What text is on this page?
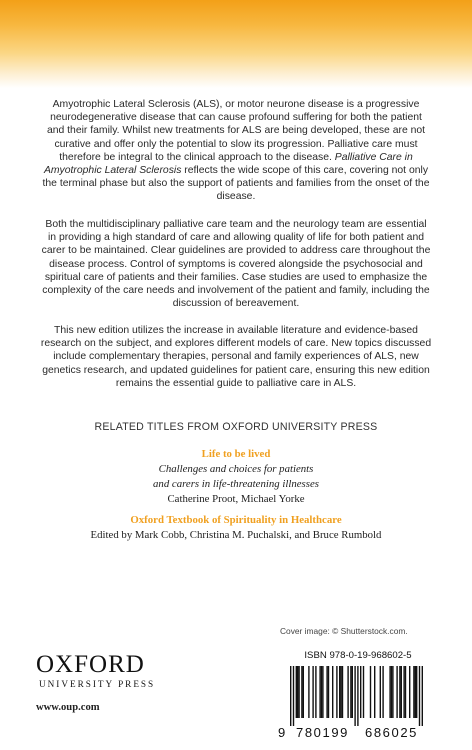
Amyotrophic Lateral Sclerosis (ALS), or motor neurone disease is a progressive neurodegenerative disease that can cause profound suffering for both the patient and their family. Whilst new treatments for ALS are being developed, these are not curative and offer only the potential to slow its progression. Palliative care must therefore be integral to the clinical approach to the disease. Palliative Care in Amyotrophic Lateral Sclerosis reflects the wide scope of this care, covering not only the terminal phase but also the support of patients and families from the onset of the disease.

Both the multidisciplinary palliative care team and the neurology team are essential in providing a high standard of care and allowing quality of life for both patient and carer to be maintained. Clear guidelines are provided to address care throughout the disease process. Control of symptoms is covered alongside the psychosocial and spiritual care of patients and their families. Case studies are used to emphasize the complexity of the care needs and involvement of the patient and family, including the discussion of bereavement.

This new edition utilizes the increase in available literature and evidence-based research on the subject, and explores different models of care. New topics discussed include complementary therapies, personal and family experiences of ALS, new genetics research, and updated guidelines for patient care, ensuring this new edition remains the essential guide to palliative care in ALS.

RELATED TITLES FROM OXFORD UNIVERSITY PRESS
Life to be lived
Challenges and choices for patients
and carers in life-threatening illnesses
Catherine Proot, Michael Yorke
Oxford Textbook of Spirituality in Healthcare
Edited by Mark Cobb, Christina M. Puchalski, and Bruce Rumbold
Cover image: © Shutterstock.com.
OXFORD
UNIVERSITY PRESS
www.oup.com
ISBN 978-0-19-968602-5
9 780199 686025
